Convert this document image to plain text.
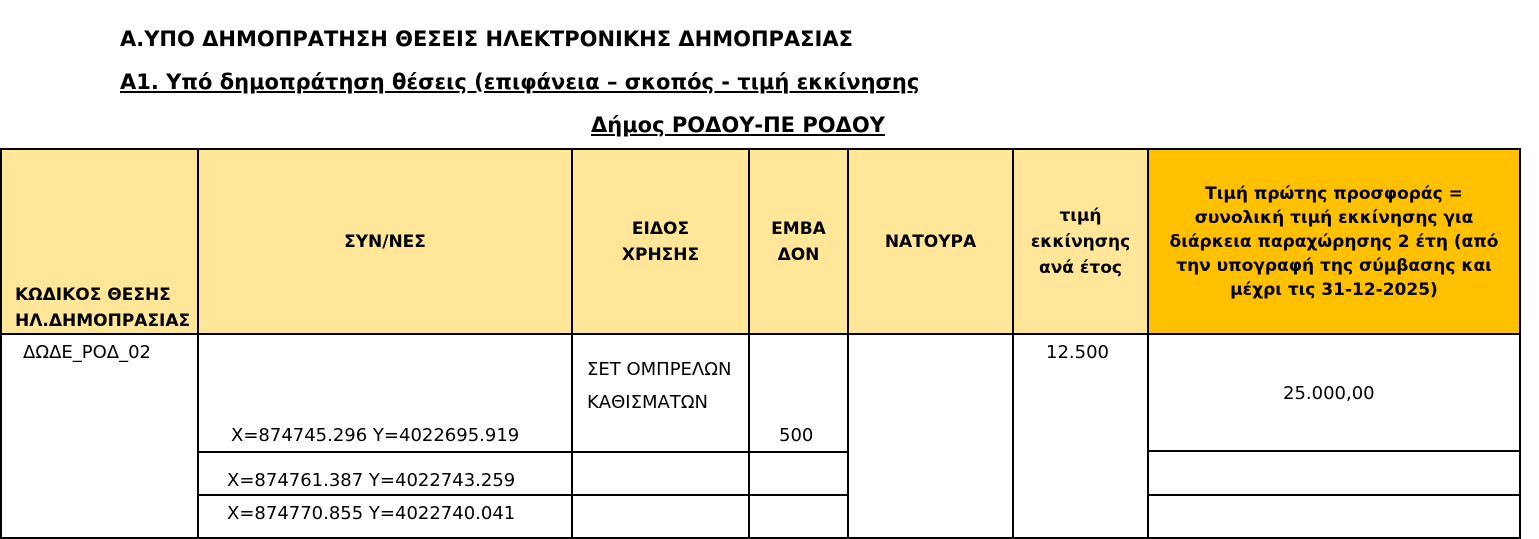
Α.ΥΠΟ ΔΗΜΟΠΡΑΤΗΣΗ ΘΕΣΕΙΣ ΗΛΕΚΤΡΟΝΙΚΗΣ ΔΗΜΟΠΡΑΣΙΑΣ
Α1. Υπό δημοπράτηση θέσεις (επιφάνεια – σκοπός - τιμή εκκίνησης
Δήμος ΡΟΔΟΥ-ΠΕ ΡΟΔΟΥ
ΚΩΔΙΚΟΣ ΘΕΣΗΣ ΗΛ.ΔΗΜΟΠΡΑΣΙΑΣ
ΣΥΝ/ΝΕΣ
ΕΙΔΟΣ ΧΡΗΣΗΣ
ΕΜΒΑΔΟΝ
ΝΑΤΟΥΡΑ
τιμή εκκίνησης ανά έτος
Τιμή πρώτης προσφοράς = συνολική τιμή εκκίνησης για διάρκεια παραχώρησης 2 έτη (από την υπογραφή της σύμβασης και μέχρι τις 31-12-2025)
ΔΩΔΕ_ΡΟΔ_02
Χ=874745.296 Υ=4022695.919
Χ=874761.387 Υ=4022743.259
Χ=874770.855 Υ=4022740.041
ΣΕΤ ΟΜΠΡΕΛΩΝ ΚΑΘΙΣΜΑΤΩΝ
500
12.500
25.000,00
